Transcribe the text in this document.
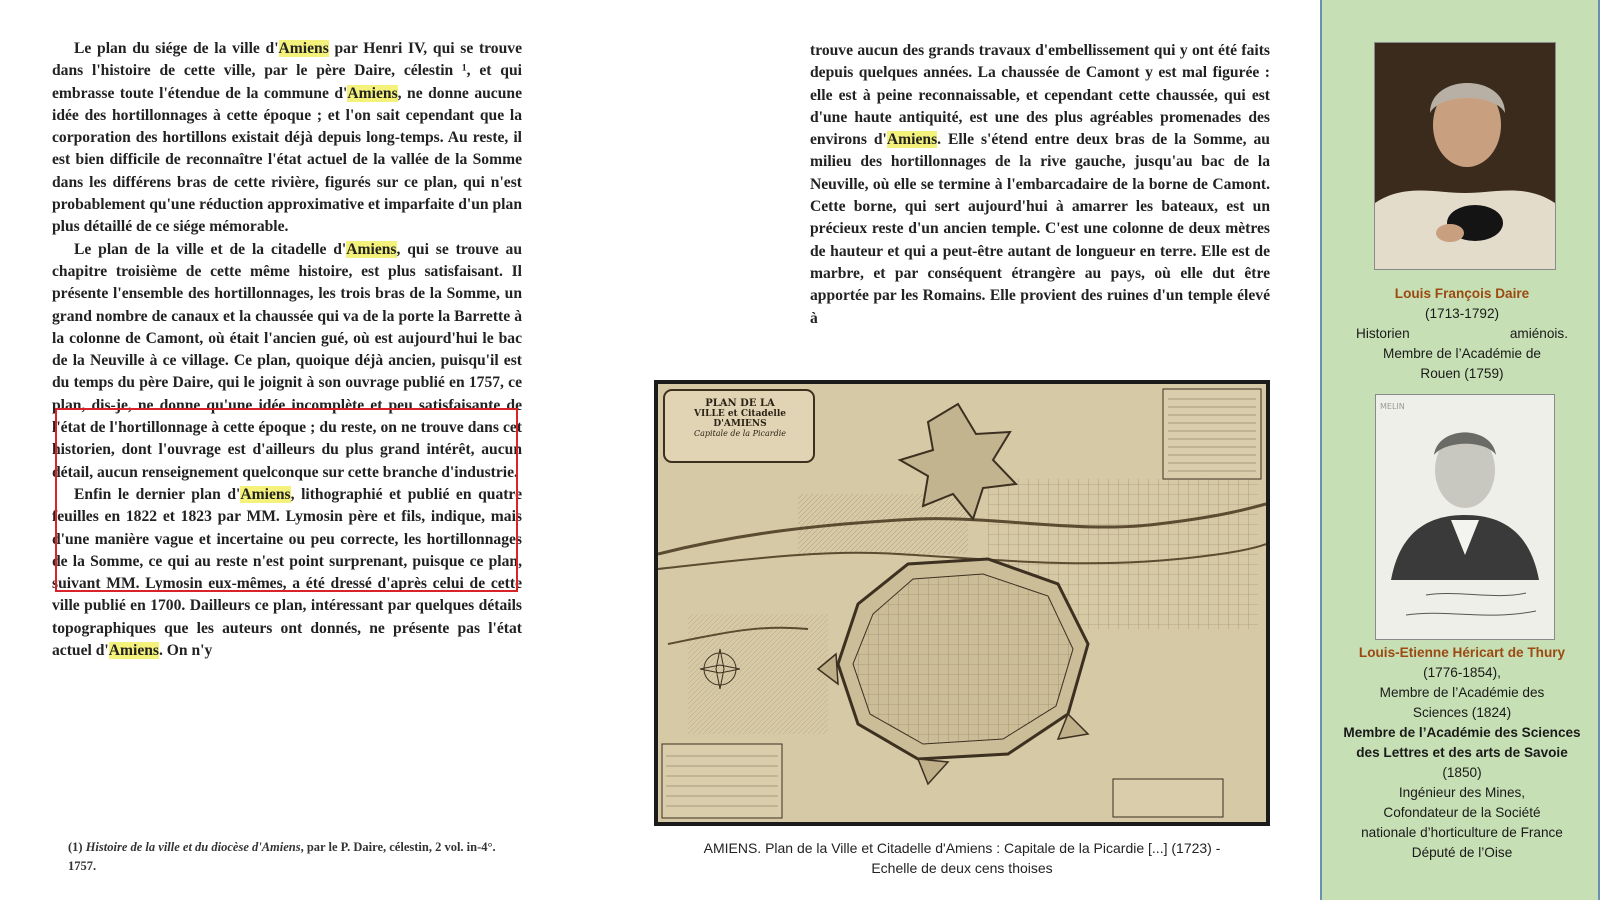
Le plan du siége de la ville d'Amiens par Henri IV, qui se trouve dans l'histoire de cette ville, par le père Daire, célestin ¹, et qui embrasse toute l'étendue de la commune d'Amiens, ne donne aucune idée des hortillonnages à cette époque ; et l'on sait cependant que la corporation des hortillons existait déjà depuis long-temps. Au reste, il est bien difficile de reconnaître l'état actuel de la vallée de la Somme dans les différens bras de cette rivière, figurés sur ce plan, qui n'est probablement qu'une réduction approximative et imparfaite d'un plan plus détaillé de ce siége mémorable.

Le plan de la ville et de la citadelle d'Amiens, qui se trouve au chapitre troisième de cette même histoire, est plus satisfaisant. Il présente l'ensemble des hortillonnages, les trois bras de la Somme, un grand nombre de canaux et la chaussée qui va de la porte la Barrette à la colonne de Camont, où était l'ancien gué, où est aujourd'hui le bac de la Neuville à ce village. Ce plan, quoique déjà ancien, puisqu'il est du temps du père Daire, qui le joignit à son ouvrage publié en 1757, ce plan, dis-je, ne donne qu'une idée incomplète et peu satisfaisante de l'état de l'hortillonnage à cette époque ; du reste, on ne trouve dans cet historien, dont l'ouvrage est d'ailleurs du plus grand intérêt, aucun détail, aucun renseignement quelconque sur cette branche d'industrie.

Enfin le dernier plan d'Amiens, lithographié et publié en quatre feuilles en 1822 et 1823 par MM. Lymosin père et fils, indique, mais d'une manière vague et incertaine ou peu correcte, les hortillonnages de la Somme, ce qui au reste n'est point surprenant, puisque ce plan, suivant MM. Lymosin eux-mêmes, a été dressé d'après celui de cette ville publié en 1700. Dailleurs ce plan, intéressant par quelques détails topographiques que les auteurs ont donnés, ne présente pas l'état actuel d'Amiens. On n'y

(1) Histoire de la ville et du diocèse d'Amiens, par le P. Daire, célestin, 2 vol. in-4°. 1757.

trouve aucun des grands travaux d'embellissement qui y ont été faits depuis quelques années. La chaussée de Camont y est mal figurée : elle est à peine reconnaissable, et cependant cette chaussée, qui est d'une haute antiquité, est une des plus agréables promenades des environs d'Amiens. Elle s'étend entre deux bras de la Somme, au milieu des hortillonnages de la rive gauche, jusqu'au bac de la Neuville, où elle se termine à l'embarcadaire de la borne de Camont. Cette borne, qui sert aujourd'hui à amarrer les bateaux, est un précieux reste d'un ancien temple. C'est une colonne de deux mètres de hauteur et qui a peut-être autant de longueur en terre. Elle est de marbre, et par conséquent étrangère au pays, où elle dut être apportée par les Romains. Elle provient des ruines d'un temple élevé à

PLAN DE LA
VILLE et Citadelle D'AMIENS
Capitale de la Picardie
AMIENS. Plan de la Ville et Citadelle d'Amiens : Capitale de la Picardie [...] (1723) -
Echelle de deux cens thoises
Louis François Daire
(1713-1792)
Historien	amiénois.
Membre de l’Académie de
Rouen (1759)
MELIN
Louis-Etienne Héricart de Thury
(1776-1854),
Membre de l’Académie des
Sciences (1824)
Membre de l’Académie des Sciences des Lettres et des arts de Savoie (1850)
Ingénieur des Mines,
Cofondateur de la Société
nationale d’horticulture de France
Député de l’Oise
